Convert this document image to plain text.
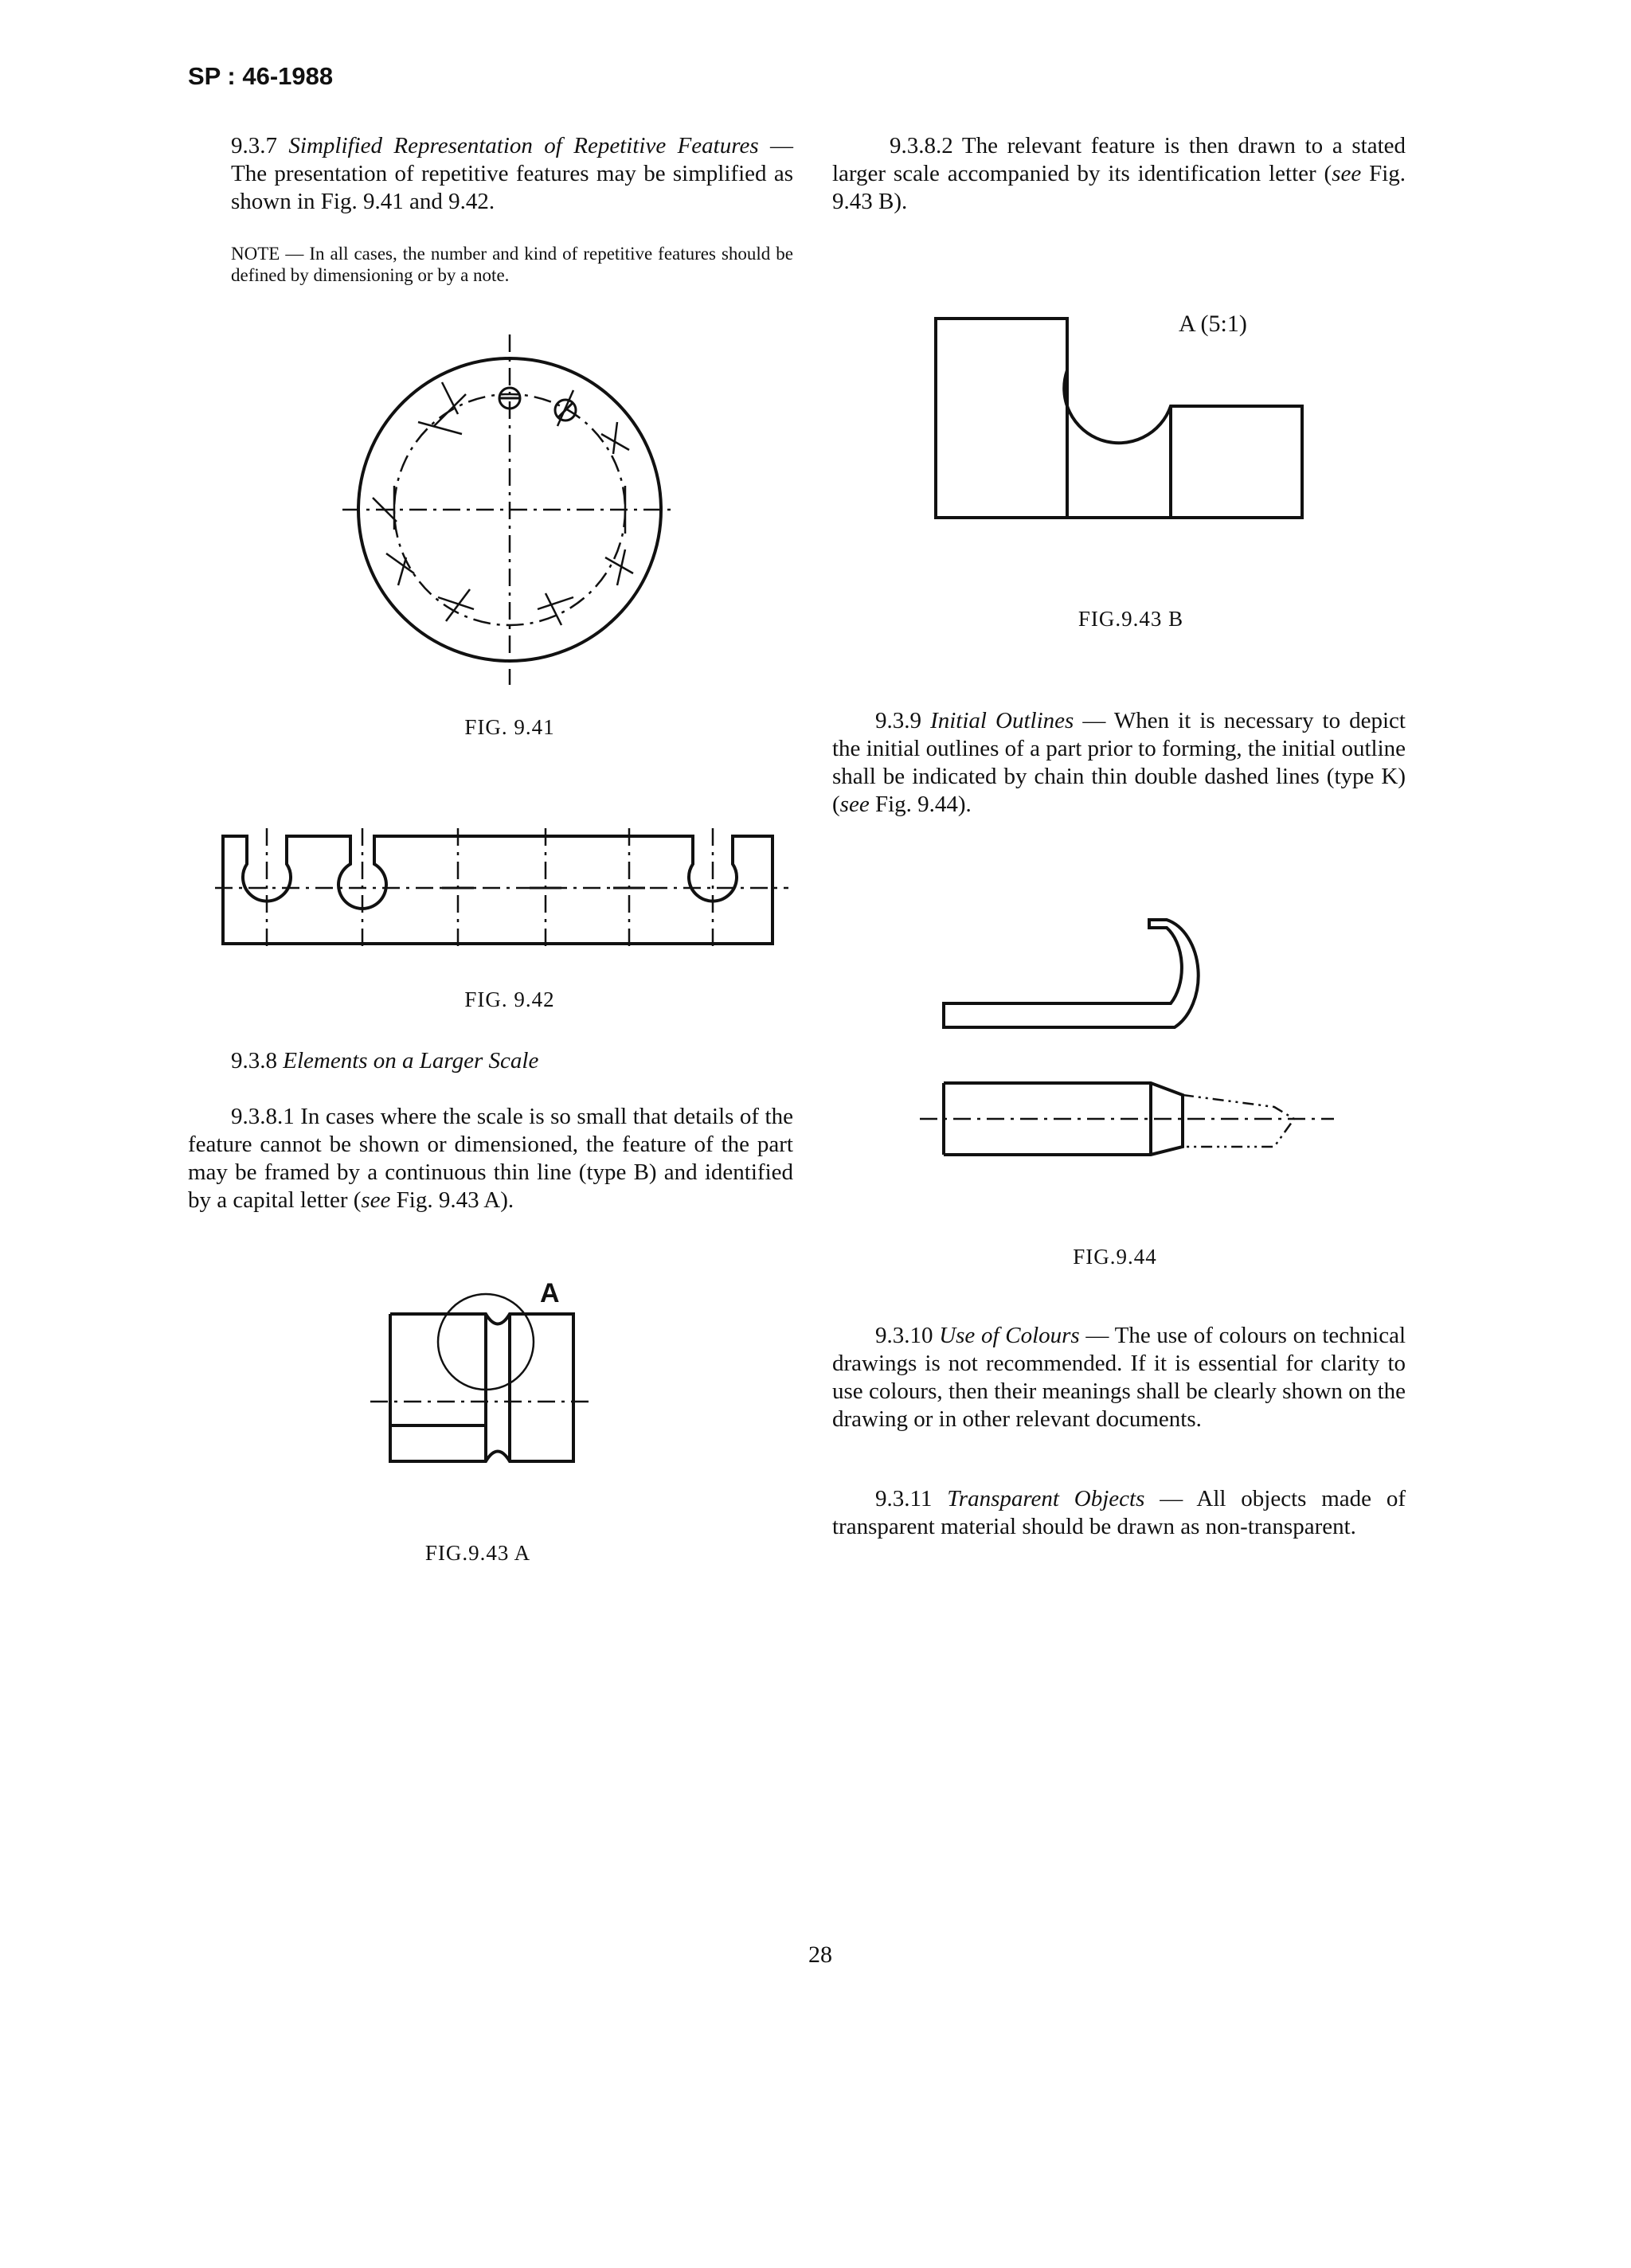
SP : 46-1988

9.3.7 Simplified Representation of Repetitive Features — The presentation of repetitive features may be simplified as shown in Fig. 9.41 and 9.42.

NOTE — In all cases, the number and kind of repetitive features should be defined by dimensioning or by a note.
FIG. 9.41
FIG. 9.42

9.3.8 Elements on a Larger Scale

9.3.8.1 In cases where the scale is so small that details of the feature cannot be shown or dimensioned, the feature of the part may be framed by a continuous thin line (type B) and identified by a capital letter (see Fig. 9.43 A).

A
FIG.9.43 A

9.3.8.2 The relevant feature is then drawn to a stated larger scale accompanied by its identification letter (see Fig. 9.43 B).

A (5:1)
FIG.9.43 B

9.3.9 Initial Outlines — When it is necessary to depict the initial outlines of a part prior to forming, the initial outline shall be indicated by chain thin double dashed lines (type K) (see Fig. 9.44).

FIG.9.44

9.3.10 Use of Colours — The use of colours on technical drawings is not recommended. If it is essential for clarity to use colours, then their meanings shall be clearly shown on the drawing or in other relevant documents.

9.3.11 Transparent Objects — All objects made of transparent material should be drawn as non-transparent.

28
